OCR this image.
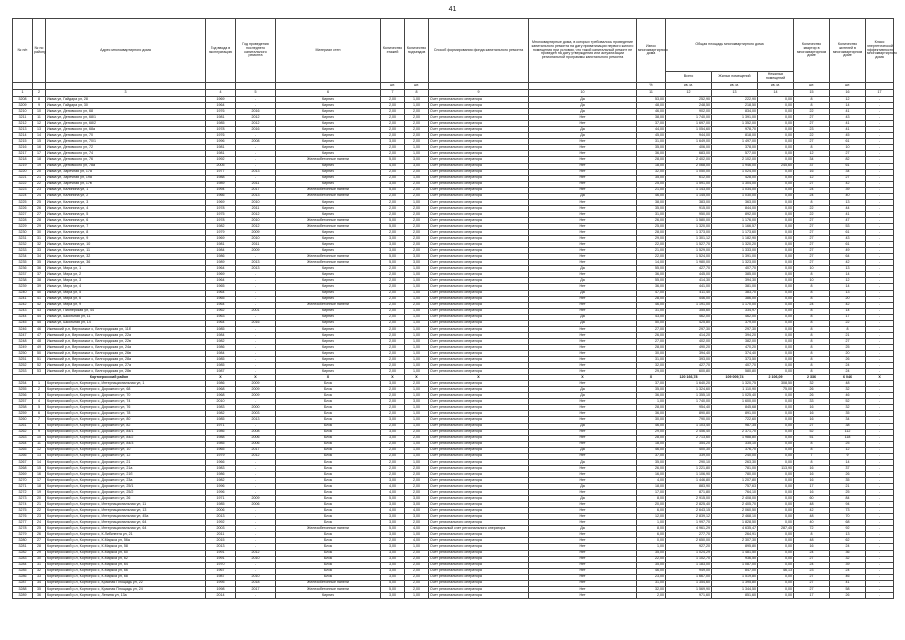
41
№ п/п	№ по району	Адрес многоквартирного дома	Год ввода в эксплуатацию	Год проведения последнего капитального ремонта	Материал стен	Количество этажей	Количество подъездов	Способ формирования фонда капитального ремонта	Многоквартирные дома, в которых требовалось проведение капитального ремонта на дату приватизации первого жилого помещения при условии, что такой капитальный ремонт не проведен на дату утверждения или актуализации региональной программы капитального ремонта	Износ многоквартирного дома	Общая площадь многоквартирного дома			Количество квартир в многоквартирном доме	Количество жителей в многоквартирном доме	Класс энергетической эффективности многоквартирного дома
											Всего	Жилых помещений	Нежилых помещений			
						шт.	шт.			%	кв. м.	кв. м.	кв. м.	шт.	шт.	
1	2	3	4	5	6	7	8	9	10	11	12	13	14	15	16	17
3208	8	Ижма ул, Гайдара ул, 28	1969	-	Кирпич	2,00	1,00	Счет регионального оператора	Да	53,00	252,90	222,90	0,00	8	12	-
3209	9	Ижма ул, Гайдара ул, 30	1964	-	Кирпич	2,00	1,00	Счет регионального оператора	Да	48,00	248,50	218,50	0,00	8	14	-
3210	10	Ижма ул, Деповского ул, 68	1976	2016	Кирпич	2,00	2,00	Счет регионального оператора	Да	46,00	902,00	834,00	0,00	22	41	-
3211	11	Ижма ул, Деповского ул, 68/1	1981	2012	Кирпич	2,00	2,00	Счет регионального оператора	Нет	38,00	1 740,00	1 391,00	0,00	27	43	-
3212	12	Ижма ул, Деповского ул, 68/2	1985	2012	Кирпич	2,00	2,00	Счет регионального оператора	Нет	37,00	1 697,00	1 352,00	0,00	27	41	-
3213	13	Ижма ул, Деповского ул, 68а	1978	2016	Кирпич	2,00	2,00	Счет регионального оператора	Да	44,00	1 054,60	978,70	0,00	23	41	-
3214	14	Ижма ул, Деповского ул, 70	1976	-	Кирпич	2,00	2,00	Счет регионального оператора	Да	45,00	944,00	818,00	0,00	22	45	-
3215	15	Ижма ул, Деповского ул, 70/1	1996	2008	Кирпич	3,00	2,00	Счет регионального оператора	Нет	31,00	1 649,00	1 497,00	0,00	27	61	-
3216	16	Ижма ул, Деповского ул, 72	1981	-	Кирпич	2,00	1,00	Счет регионального оператора	Нет	35,00	406,00	378,00	0,00	8	10	-
3217	17	Ижма ул, Деповского ул, 74	1981	-	Кирпич	2,00	1,00	Счет регионального оператора	Нет	36,00	683,00	577,00	0,00	12	27	-
3218	18	Ижма ул, Деповского ул, 76	1992	-	Железобетонные панели	5,00	3,00	Счет регионального оператора	Нет	28,00	2 402,00	2 102,00	0,00	34	82	-
3219	19	Ижма ул, Деповского ул, 78а	2005	-	Кирпич	4,00	3,00	Счет регионального оператора	Нет	18,00	2 068,00	1 946,00	245,60	37	61	-
3220	20	Ижма ул, Заречная ул, 17а	1977	2013	Кирпич	2,00	2,00	Счет регионального оператора	Нет	32,00	1 050,00	1 024,00	0,00	16	34	-
3221	21	Ижма ул, Заречная ул, 19а	1988	-	Кирпич	2,00	1,00	Счет регионального оператора	Нет	35,00	612,00	428,00	0,00	12	27	-
3222	22	Ижма ул, Заречная ул, 17в	1989	2011	Кирпич	3,00	2,00	Счет регионального оператора	Нет	25,00	1 591,00	1 304,00	0,00	27	42	-
3223	23	Ижма ул, Калинина ул, 1	1994	2017	Железобетонные панели	5,00	2,00	Счет регионального оператора	Нет	21,00	1 143,00	1 034,00	0,00	24	39	-
3224	24	Ижма ул, Калинина ул, 2	1966	2013	Железобетонные панели	2,00	2,00	Счет регионального оператора	Да	46,00	1 145,00	1 030,00	0,00	24	40	-
3225	25	Ижма ул, Калинина ул, 3	1969	2010	Кирпич	2,00	1,00	Счет регионального оператора	Нет	38,00	383,00	363,00	0,00	8	13	-
3226	26	Ижма ул, Калинина ул, 4	1978	2011	Кирпич	2,00	2,00	Счет регионального оператора	Нет	35,00	915,00	844,00	0,00	22	44	-
3227	27	Ижма ул, Калинина ул, 5	1975	2012	Кирпич	2,00	2,00	Счет регионального оператора	Нет	31,00	950,00	892,00	0,00	22	41	-
3228	28	Ижма ул, Калинина ул, 6	1978	2010	Железобетонные панели	5,00	2,00	Счет регионального оператора	Нет	26,00	1 580,00	1 176,00	0,00	27	47	-
3229	29	Ижма ул, Калинина ул, 7	1982	2012	Железобетонные панели	5,00	2,00	Счет регионального оператора	Нет	25,00	1 320,00	1 166,57	0,00	27	53	-
3230	30	Ижма ул, Калинина ул, 8	1979	2009	Кирпич	2,00	2,00	Счет регионального оператора	Нет	28,00	1 373,00	1 173,60	0,00	27	61	-
3231	31	Ижма ул, Калинина ул, 9	1969	2010	Кирпич	3,00	2,00	Счет регионального оператора	Нет	29,00	1 301,12	1 182,90	0,00	27	43	-
3232	32	Ижма ул, Калинина ул, 10	1981	2011	Кирпич	3,00	2,00	Счет регионального оператора	Нет	22,00	1 527,70	1 320,20	0,00	27	61	-
3233	33	Ижма ул, Калинина ул, 11	1984	2009	Кирпич	3,00	2,00	Счет регионального оператора	Нет	21,00	1 529,00	1 333,00	0,00	27	49	-
3234	34	Ижма ул, Калинина ул, 32	1986	-	Железобетонные панели	5,00	3,00	Счет регионального оператора	Нет	22,00	1 524,00	1 391,00	0,00	27	64	-
3235	35	Ижма ул, Калинина ул, 36	1989	2013	Железобетонные панели	5,00	3,00	Счет регионального оператора	Нет	14,00	1 980,00	1 323,00	0,00	27	42	-
3236	36	Ижма ул, Мира ул, 1	1964	2013	Кирпич	2,00	1,00	Счет регионального оператора	Да	55,00	427,70	407,70	0,00	10	13	-
3237	37	Ижма ул, Мира ул, 2	1969	-	Кирпич	2,00	1,00	Счет регионального оператора	Нет	36,00	445,00	385,00	0,00	8	14	-
3238	38	Ижма ул, Мира ул, 3	1964	-	Кирпич	2,00	1,00	Счет регионального оператора	Да	55,00	414,30	394,30	0,00	10	12	-
3239	39	Ижма ул, Мира ул, 4	1965	-	Кирпич	2,00	1,00	Счет регионального оператора	Нет	36,00	441,00	381,00	0,00	8	14	-
3240	40	Ижма ул, Мира ул, 5	1964	-	Кирпич	2,00	1,00	Счет регионального оператора	Да	47,00	411,40	383,70	0,00	8	13	-
3241	41	Ижма ул, Мира ул, 6	1965	-	Кирпич	2,00	1,00	Счет регионального оператора	Нет	28,00	446,00	386,00	0,00	8	20	-
3242	42	Ижма ул, Мира ул, 9	1964	-	Железобетонные панели	2,00	2,00	Счет регионального оператора	Нет	46,00	1 191,00	1 170,00	0,00	24	42	-
3243	43	Ижма ул, Пионерская ул, 44	1962	2001	Кирпич	2,00	1,00	Счет регионального оператора	Нет	31,00	355,60	334,97	0,00	8	14	-
3244	44	Ижма ул, Школьная ул, 11	1963	-	Кирпич	2,00	1,00	Счет регионального оператора	Да	43,00	462,00	462,00	0,00	8	17	-
3245	45	Ижма ул, Школьная ул, 14	1964	2016	Кирпич	2,00	1,00	Счет регионального оператора	Да	50,00	425,80	379,00	0,00	8	22	-
3246	46	Ижемский р-н, Верхоижье с, Белгородская ул, 11б	1985	-	Кирпич	2,00	1,00	Счет регионального оператора	Нет	27,00	297,30	297,30	0,00	8	8	-
3247	47	Ижемский р-н, Верхоижье с, Белгородская ул, 22а	1984	-	Кирпич	2,00	1,00	Счет регионального оператора	Нет	26,00	414,20	394,20	0,00	8	21	-
3248	48	Ижемский р-н, Верхоижье с, Белгородская ул, 22в	1982	-	Кирпич	2,00	1,00	Счет регионального оператора	Нет	27,00	402,00	382,00	0,00	8	27	-
3249	49	Ижемский р-н, Верхоижье с, Белгородская ул, 24а	1986	-	Кирпич	2,00	1,00	Счет регионального оператора	Нет	28,00	490,20	470,20	0,00	8	25	-
3250	50	Ижемский р-н, Верхоижье с, Белгородская ул, 26в	1984	-	Кирпич	2,00	1,00	Счет регионального оператора	Нет	30,00	394,40	374,40	0,00	8	20	-
3251	51	Ижемский р-н, Верхоижье с, Белгородская ул, 28а	1985	-	Кирпич	2,00	1,00	Счет регионального оператора	Нет	31,00	393,00	373,50	0,00	8	26	-
3252	52	Ижемский р-н, Верхоижье с, Белгородская ул, 27а	1985	-	Кирпич	2,00	1,00	Счет регионального оператора	Нет	32,00	427,70	407,70	0,00	8	24	-
3253	53	Ижемский р-н, Верхоижье с, Белгородская ул, 28в	1987	-	Кирпич	2,00	1,00	Счет регионального оператора	Нет	29,00	600,80	580,80	0,00	8	24	-
Корткеросский район			X	X	X	X	X	X	X	X	120 166,78	109 009,74	2 106,09	2 336	6 046	X
3254	1	Корткеросский р-н, Корткерос с, Интернациональная ул, 1	1986	2009	Блок	3,00	2,00	Счет регионального оператора	Нет	37,00	1 640,20	1 320,75	308,50	32	48	-
3255	2	Корткеросский р-н, Корткерос с, Дорожного ул, 68	1968	2009	Блок	2,00	1,00	Счет регионального оператора	Да	35,00	1 324,60	1 110,90	75,00	26	32	-
3256	3	Корткеросский р-н, Корткерос с, Дорожного ул, 70	1968	2009	Блок	2,00	1,00	Счет регионального оператора	Да	36,00	1 355,10	1 025,40	0,00	26	46	-
3257	4	Корткеросский р-н, Корткерос с, Дорожного ул, 74	2010	-	Блок	2,00	3,00	Счет регионального оператора	Нет	1,00	1 740,00	1 600,00	0,00	33	52	-
3258	5	Корткеросский р-н, Корткерос с, Дорожного ул, 76	1983	2000	Блок	2,00	1,00	Счет регионального оператора	Нет	28,00	954,40	845,68	0,00	16	32	-
3259	6	Корткеросский р-н, Корткерос с, Дорожного ул, 78	1982	2003	Блок	2,00	1,00	Счет регионального оператора	Нет	36,00	890,80	891,00	0,00	16	35	-
3260	7	Корткеросский р-н, Корткерос с, Дорожного ул, 80	1985	2013	Блок	3,00	1,00	Счет регионального оператора	Нет	30,00	790,00	722,60	0,00	16	34	-
3261	8	Корткеросский р-н, Корткерос с, Дорожного ул, 82	1971	-	Блок	2,00	1,00	Счет регионального оператора	Да	46,00	1 103,40	987,35	0,00	27	38	-
3262	9	Корткеросский р-н, Корткерос с, Дорожного ул, 84/1	1986	2008	Блок	3,00	2,00	Счет регионального оператора	Нет	29,00	2 456,40	2 371,70	0,00	52	112	-
3263	10	Корткеросский р-н, Корткерос с, Дорожного ул, 84/2	1988	2006	Блок	3,00	2,00	Счет регионального оператора	Нет	28,00	2 713,60	1 988,80	0,00	51	118	-
3264	11	Корткеросский р-н, Корткерос с, Дорожного ул, 84/3	1985	2006	Блок	2,00	1,00	Счет регионального оператора	Нет	18,00	354,20	335,10	0,00	8	25	-
3265	12	Корткеросский р-н, Корткерос с, Дорожного ул, 10	1965	2017	Блок	2,00	1,00	Счет регионального оператора	Да	46,00	400,30	376,70	0,00	8	12	-
3266	13	Корткеросский р-н, Корткерос с, Дорожного ул, 12	1979	2012	Блок	2,00	1,00	Счет регионального оператора	Нет	37,00	339,00	240,00	0,00	7	9	-
3267	14	Корткеросский р-н, Корткерос с, Дорожного ул, 21	1966	-	Блок	2,00	1,00	Счет регионального оператора	Да	35,00	290,10	263,30	0,00	8	14	-
3268	15	Корткеросский р-н, Корткерос с, Дорожного ул, 21а	1983	-	Блок	2,00	2,00	Счет регионального оператора	Нет	26,00	1 221,80	781,00	113,90	16	37	-
3269	16	Корткеросский р-н, Корткерос с, Дорожного ул, 21б	1986	-	Блок	2,00	2,00	Счет регионального оператора	Нет	16,00	1 106,90	780,00	0,00	16	26	-
3270	17	Корткеросский р-н, Корткерос с, Дорожного ул, 23а	1982	-	Блок	3,00	2,00	Счет регионального оператора	Нет	4,00	1 446,80	1 207,80	0,00	16	35	-
3271	18	Корткеросский р-н, Корткерос с, Дорожного ул, 25/1	1996	-	Блок	4,00	2,00	Счет регионального оператора	Да	18,00	883,90	757,63	0,00	17	21	-
3272	19	Корткеросский р-н, Корткерос с, Дорожного ул, 25/2	1996	-	Блок	4,00	2,00	Счет регионального оператора	Нет	17,00	871,80	764,10	0,00	16	25	-
3273	20	Корткеросский р-н, Корткерос с, Дорожного ул, 26	1971	2009	Блок	5,00	3,00	Счет регионального оператора	Да	8,00	2 915,00	2 408,00	0,00	60	84	-
3274	21	Корткеросский р-н, Корткерос с, Интернациональная ул, 11	1985	2006	Блок	3,00	3,00	Счет регионального оператора	Нет	20,00	2 825,40	2 405,70	0,00	48	94	-
3275	22	Корткеросский р-н, Корткерос с, Интернациональная ул, 13	2006	-	Блок	4,00	4,00	Счет регионального оператора	Нет	6,00	2 643,15	2 060,50	0,00	42	73	-
3276	23	Корткеросский р-н, Корткерос с, Интернациональная ул, 45а	2013	-	Блок	3,00	3,00	Счет регионального оператора	Нет	12,00	2 839,12	2 468,10	0,00	48	70	-
3277	24	Корткеросский р-н, Корткерос с, Интернациональная ул, 64	1992	-	Блок	3,00	2,00	Счет регионального оператора	Нет	1,00	1 997,70	1 828,50	0,00	40	68	-
3278	25	Корткеросский р-н, Корткерос с, Интернациональная ул, 64	2003	-	Железобетонные панели	5,00	4,00	Специальный счет регионального оператора	Да	8,00	4 961,29	4 635,47	287,45	72	92	-
3279	26	Корткеросский р-н, Корткерос с, К.Либкнехта ул, 21	2011	-	Блок	3,00	1,00	Счет регионального оператора	Нет	6,00	277,70	264,91	0,00	8	13	-
3280	27	Корткеросский р-н, Корткерос с, К.Маркса ул, 56а	2015	-	Блок	2,00	4,00	Счет регионального оператора	Нет	0,00	2 650,00	2 307,30	0,00	48	62	-
3281	28	Корткеросский р-н, Корткерос с, К.Маркса ул, 58	2013	-	Блок	3,00	1,00	Счет регионального оператора	Нет	1,00	927,20	895,80	0,00	16	24	-
3282	29	Корткеросский р-н, Корткерос с, К.Маркса ул, 60	1991	2012	Блок	3,00	2,00	Счет регионального оператора	Нет	35,00	1 024,29	1 481,50	0,00	24	36	-
3283	30	Корткеросский р-н, Корткерос с, К.Маркса ул, 62	1991	2010	Блок	3,00	2,00	Счет регионального оператора	Нет	22,00	1 102,70	936,50	0,00	27	32	-
3284	31	Корткеросский р-н, Корткерос с, К.Маркса ул, 64	1970	-	Блок	3,00	2,00	Счет регионального оператора	Нет	35,00	1 183,00	1 087,00	0,00	24	39	-
3285	32	Корткеросский р-н, Корткерос с, К.Маркса ул, 66	1967	-	Блок	3,00	2,00	Счет регионального оператора	Нет	46,00	949,00	847,00	46,13	23	24	-
3286	33	Корткеросский р-н, Корткерос с, К.Маркса ул, 68	1987	2010	Блок	3,00	2,00	Счет регионального оператора	Нет	23,00	1 667,00	1 519,80	0,00	27	46	-
3287	34	Корткеросский р-н, Корткерос с, Красная Площадь ул, 22	1995	2018	Железобетонные панели	5,00	2,00	Счет регионального оператора	Нет	31,00	1 354,60	1 395,80	0,00	27	41	-
3288	35	Корткеросский р-н, Корткерос с, Красная Площадь ул, 24	1998	2017	Железобетонные панели	5,00	2,00	Счет регионального оператора	Нет	32,00	1 569,90	1 344,50	0,00	27	58	-
3289	36	Корткеросский р-н, Корткерос с, Ленина ул, 13а	2014	-	Кирпич	3,00	1,00	Счет регионального оператора	Нет	2,00	971,60	851,60	0,00	17	26	-
